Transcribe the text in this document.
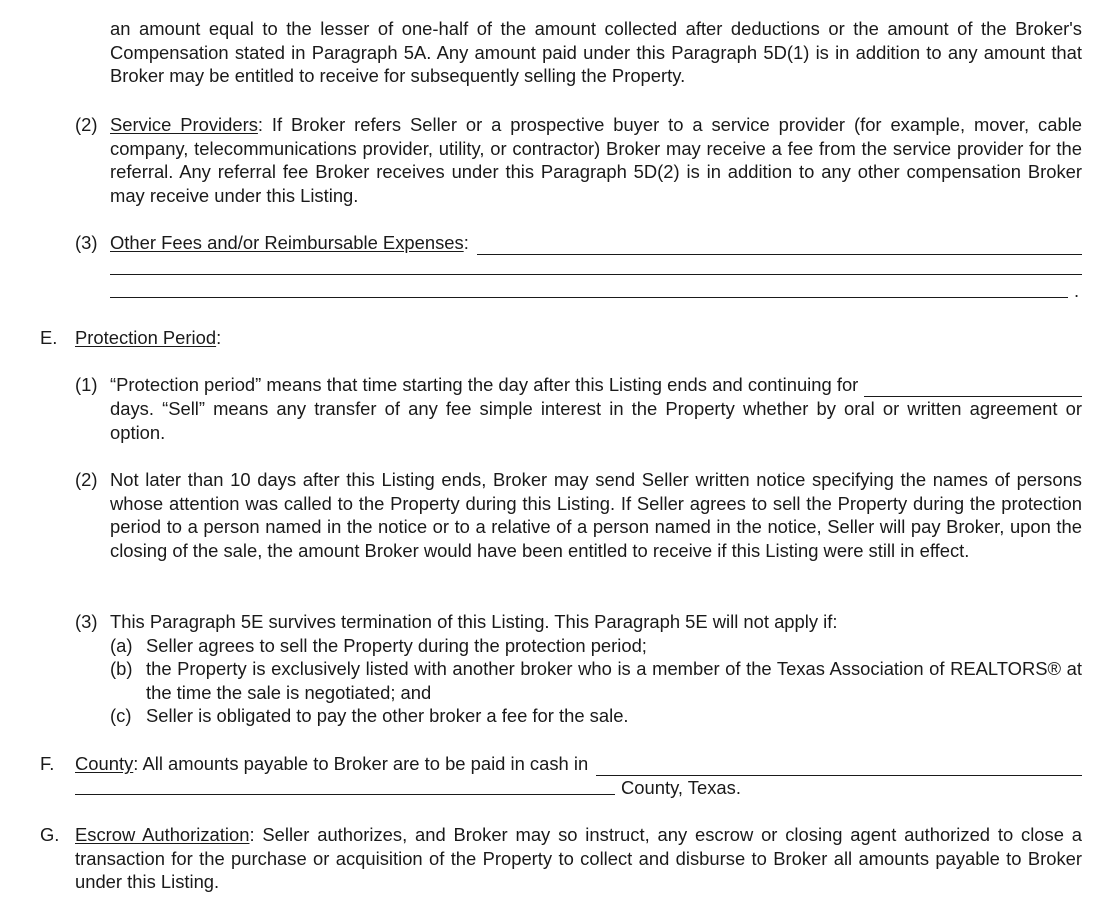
an amount equal to the lesser of one-half of the amount collected after deductions or the amount of the Broker's Compensation stated in Paragraph 5A. Any amount paid under this Paragraph 5D(1) is in addition to any amount that Broker may be entitled to receive for subsequently selling the Property.
(2) Service Providers: If Broker refers Seller or a prospective buyer to a service provider (for example, mover, cable company, telecommunications provider, utility, or contractor) Broker may receive a fee from the service provider for the referral. Any referral fee Broker receives under this Paragraph 5D(2) is in addition to any other compensation Broker may receive under this Listing.
(3) Other Fees and/or Reimbursable Expenses :
.
E. Protection Period:
(1) “Protection period” means that time starting the day after this Listing ends and continuing for
days. “Sell” means any transfer of any fee simple interest in the Property whether by oral or written agreement or option.
(2) Not later than 10 days after this Listing ends, Broker may send Seller written notice specifying the names of persons whose attention was called to the Property during this Listing. If Seller agrees to sell the Property during the protection period to a person named in the notice or to a relative of a person named in the notice, Seller will pay Broker, upon the closing of the sale, the amount Broker would have been entitled to receive if this Listing were still in effect.
(3) This Paragraph 5E survives termination of this Listing. This Paragraph 5E will not apply if:
(a) Seller agrees to sell the Property during the protection period;
(b) the Property is exclusively listed with another broker who is a member of the Texas Association of REALTORS® at the time the sale is negotiated; and
(c) Seller is obligated to pay the other broker a fee for the sale.
F. County : All amounts payable to Broker are to be paid in cash in
County, Texas.
G. Escrow Authorization: Seller authorizes, and Broker may so instruct, any escrow or closing agent authorized to close a transaction for the purchase or acquisition of the Property to collect and disburse to Broker all amounts payable to Broker under this Listing.
